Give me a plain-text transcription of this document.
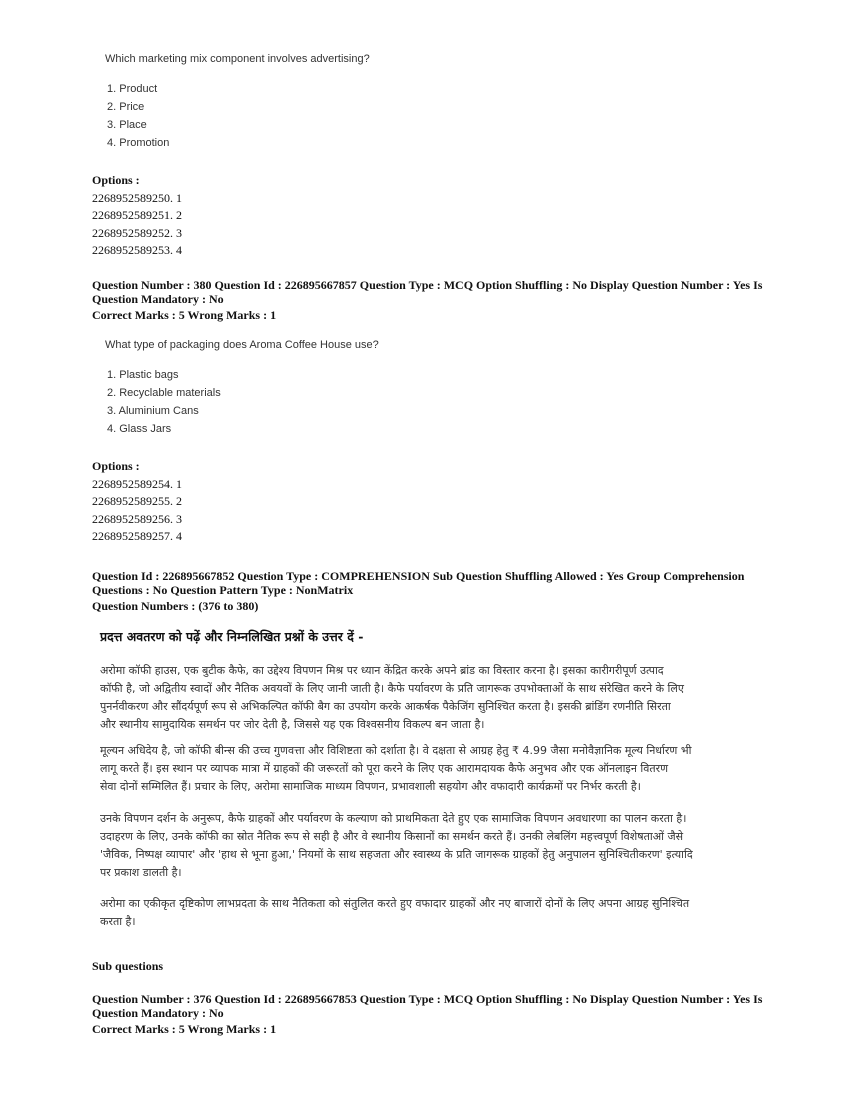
Which marketing mix component involves advertising?
1. Product
2. Price
3. Place
4. Promotion
Options :
2268952589250. 1
2268952589251. 2
2268952589252. 3
2268952589253. 4
Question Number : 380 Question Id : 226895667857 Question Type : MCQ Option Shuffling : No Display Question Number : Yes Is
Question Mandatory : No
Correct Marks : 5 Wrong Marks : 1
What type of packaging does Aroma Coffee House use?
1. Plastic bags
2. Recyclable materials
3. Aluminium Cans
4. Glass Jars
Options :
2268952589254. 1
2268952589255. 2
2268952589256. 3
2268952589257. 4
Question Id : 226895667852 Question Type : COMPREHENSION Sub Question Shuffling Allowed : Yes Group Comprehension
Questions : No Question Pattern Type : NonMatrix
Question Numbers : (376 to 380)
प्रदत्त अवतरण को पढ़ें और निम्नलिखित प्रश्नों के उत्तर दें -
अरोमा कॉफी हाउस, एक बुटीक कैफे, का उद्देश्य विपणन मिश्र पर ध्यान केंद्रित करके अपने ब्रांड का विस्तार करना है। इसका कारीगरीपूर्ण उत्पाद
कॉफी है, जो अद्वितीय स्वादों और नैतिक अवयवों के लिए जानी जाती है। कैफे पर्यावरण के प्रति जागरूक उपभोक्ताओं के साथ संरेखित करने के लिए
पुनर्नवीकरण और सौंदर्यपूर्ण रूप से अभिकल्पित कॉफी बैग का उपयोग करके आकर्षक पैकेजिंग सुनिश्चित करता है। इसकी ब्रांडिंग रणनीति सिरता
और स्थानीय सामुदायिक समर्थन पर जोर देती है, जिससे यह एक विश्वसनीय विकल्प बन जाता है।
मूल्यन अधिदेय है, जो कॉफी बीन्स की उच्च गुणवत्ता और विशिष्टता को दर्शाता है। वे दक्षता से आग्रह हेतु ₹ 4.99 जैसा मनोवैज्ञानिक मूल्य निर्धारण भी
लागू करते हैं। इस स्थान पर व्यापक मात्रा में ग्राहकों की जरूरतों को पूरा करने के लिए एक आरामदायक कैफे अनुभव और एक ऑनलाइन वितरण
सेवा दोनों सम्मिलित हैं। प्रचार के लिए, अरोमा सामाजिक माध्यम विपणन, प्रभावशाली सहयोग और वफादारी कार्यक्रमों पर निर्भर करती है।
उनके विपणन दर्शन के अनुरूप, कैफे ग्राहकों और पर्यावरण के कल्याण को प्राथमिकता देते हुए एक सामाजिक विपणन अवधारणा का पालन करता है।
उदाहरण के लिए, उनके कॉफी का स्रोत नैतिक रूप से सही है और वे स्थानीय किसानों का समर्थन करते हैं। उनकी लेबलिंग महत्त्वपूर्ण विशेषताओं जैसे
'जैविक, निष्पक्ष व्यापार' और 'हाथ से भूना हुआ,' नियमों के साथ सहजता और स्वास्थ्य के प्रति जागरूक ग्राहकों हेतु अनुपालन सुनिश्चितीकरण' इत्यादि
पर प्रकाश डालती है।
अरोमा का एकीकृत दृष्टिकोण लाभप्रदता के साथ नैतिकता को संतुलित करते हुए वफादार ग्राहकों और नए बाजारों दोनों के लिए अपना आग्रह सुनिश्चित
करता है।
Sub questions
Question Number : 376 Question Id : 226895667853 Question Type : MCQ Option Shuffling : No Display Question Number : Yes Is
Question Mandatory : No
Correct Marks : 5 Wrong Marks : 1
